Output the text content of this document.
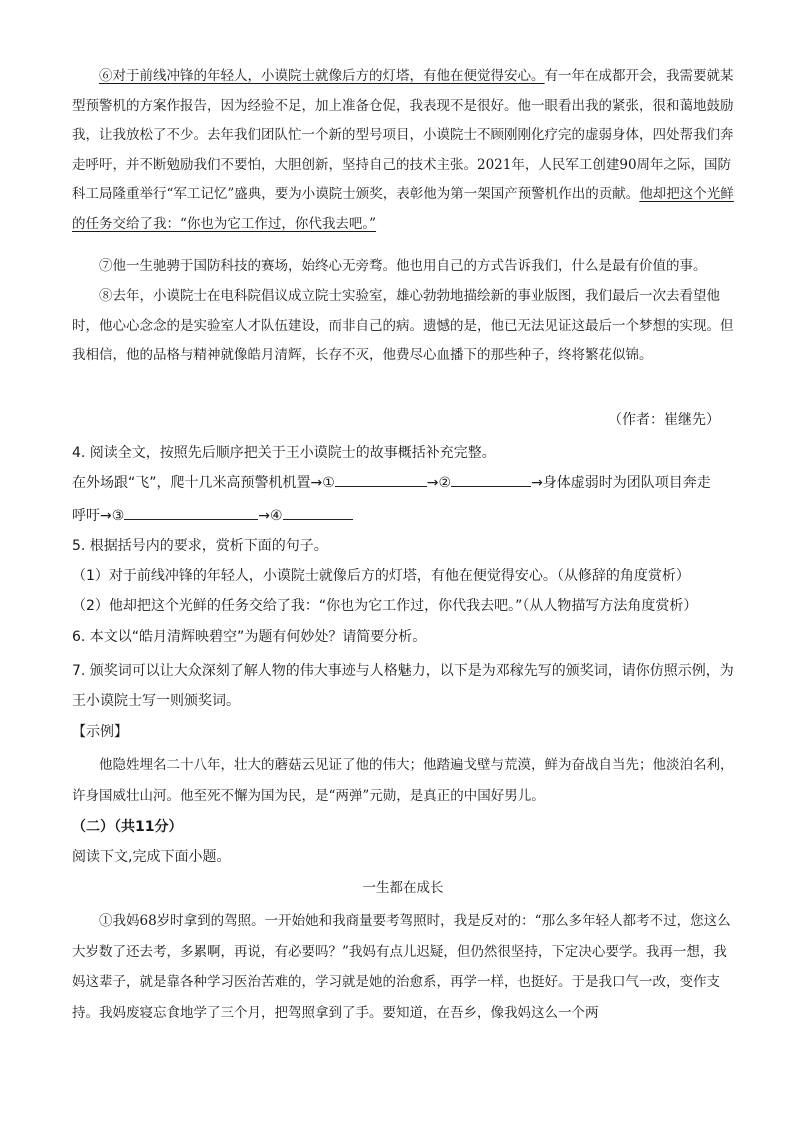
⑥对于前线冲锋的年轻人，小谟院士就像后方的灯塔，有他在便觉得安心。有一年在成都开会，我需要就某型预警机的方案作报告，因为经验不足，加上准备仓促，我表现不是很好。他一眼看出我的紧张，很和蔼地鼓励我，让我放松了不少。去年我们团队忙一个新的型号项目，小谟院士不顾刚刚化疗完的虚弱身体，四处帮我们奔走呼吁，并不断勉励我们不要怕，大胆创新，坚持自己的技术主张。2021年，人民军工创建90周年之际，国防科工局隆重举行“军工记忆”盛典，要为小谟院士颁奖，表彰他为第一架国产预警机作出的贡献。他却把这个光鲜的任务交给了我：“你也为它工作过，你代我去吧。”

⑦他一生驰骋于国防科技的赛场，始终心无旁骛。他也用自己的方式告诉我们，什么是最有价值的事。

⑧去年，小谟院士在电科院倡议成立院士实验室，雄心勃勃地描绘新的事业版图，我们最后一次去看望他时，他心心念念的是实验室人才队伍建设，而非自己的病。遗憾的是，他已无法见证这最后一个梦想的实现。但我相信，他的品格与精神就像皓月清辉，长存不灭，他费尽心血播下的那些种子，终将繁花似锦。

（作者：崔继先）

4. 阅读全文，按照先后顺序把关于王小谟院士的故事概括补充完整。

在外场跟“飞”，爬十几米高预警机机置→①	→②	→身体虚弱时为团队项目奔走
呼吁→③	→④

5. 根据括号内的要求，赏析下面的句子。

（1）对于前线冲锋的年轻人，小谟院士就像后方的灯塔，有他在便觉得安心。（从修辞的角度赏析）

（2）他却把这个光鲜的任务交给了我：“你也为它工作过，你代我去吧。”（从人物描写方法角度赏析）

6. 本文以“皓月清辉映碧空”为题有何妙处？请简要分析。

7. 颁奖词可以让大众深刻了解人物的伟大事迹与人格魅力，以下是为邓稼先写的颁奖词，请你仿照示例，为王小谟院士写一则颁奖词。

【示例】

他隐姓埋名二十八年，壮大的蘑菇云见证了他的伟大；他踏遍戈壁与荒漠，鲜为奋战自当先；他淡泊名利，许身国威壮山河。他至死不懈为国为民，是“两弹”元勋，是真正的中国好男儿。

（二）（共11分）

阅读下文,完成下面小题。

一生都在成长

①我妈68岁时拿到的驾照。一开始她和我商量要考驾照时，我是反对的：“那么多年轻人都考不过，您这么大岁数了还去考，多累啊，再说，有必要吗？”我妈有点儿迟疑，但仍然很坚持，下定决心要学。我再一想，我妈这辈子，就是靠各种学习医治苦难的，学习就是她的治愈系，再学一样，也挺好。于是我口气一改，变作支持。我妈废寝忘食地学了三个月，把驾照拿到了手。要知道，在吾乡，像我妈这么一个两
